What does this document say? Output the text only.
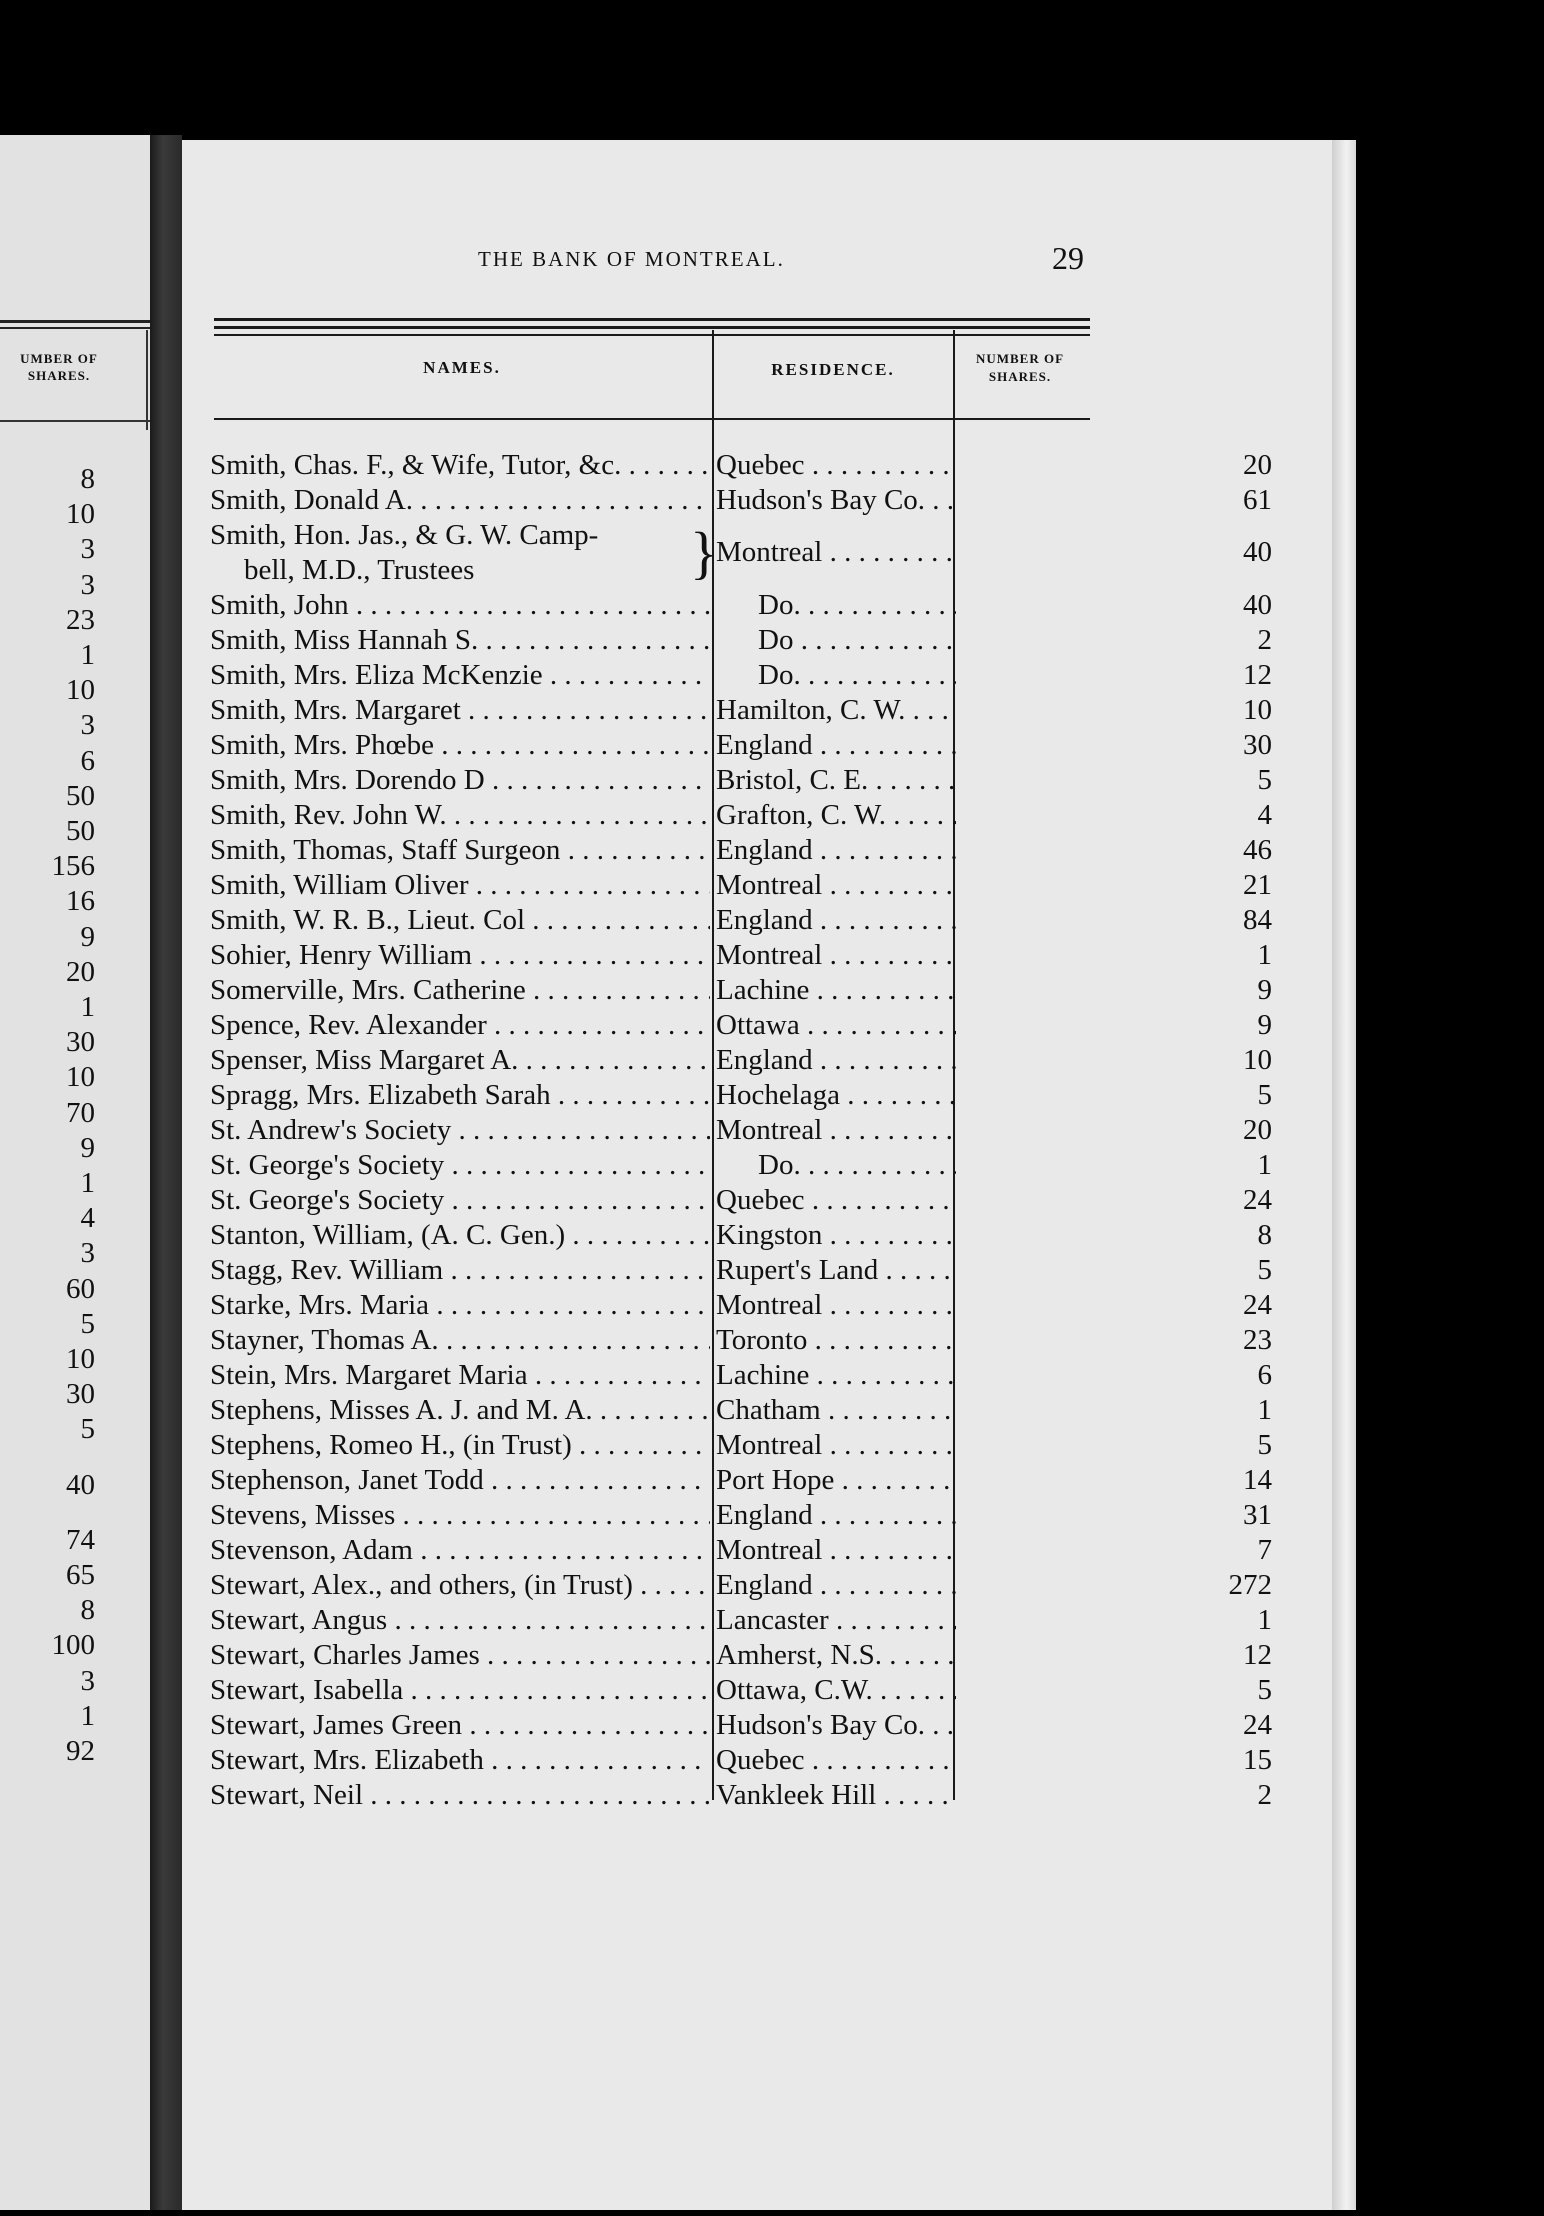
UMBER OF
SHARES.
8
10
3
3
23
1
10
3
6
50
50
156
16
9
20
1
30
10
70
9
1
4
3
60
5
10
30
5
40
74
65
8
100
3
1
92
THE BANK OF MONTREAL.	29
NAMES.	RESIDENCE.
NUMBER OF
SHARES.
Smith, Chas. F., & Wife, Tutor, &c. . . .	Quebec . . .	20
Smith, Donald A. . . .	Hudson's Bay Co. . . .	61
}
Smith, Hon. Jas., & G. W. Camp-
bell, M.D., Trustees
Montreal . . .	40
Smith, John . . .	Do. . . .	40
Smith, Miss Hannah S. . . .	Do . . .	2
Smith, Mrs. Eliza McKenzie . . .	Do. . . .	12
Smith, Mrs. Margaret . . .	Hamilton, C. W. . . .	10
Smith, Mrs. Phœbe . . .	England . . .	30
Smith, Mrs. Dorendo D . . .	Bristol, C. E. . . .	5
Smith, Rev. John W. . . .	Grafton, C. W. . . .	4
Smith, Thomas, Staff Surgeon . . .	England . . .	46
Smith, William Oliver . . .	Montreal . . .	21
Smith, W. R. B., Lieut. Col . . .	England . . .	84
Sohier, Henry William . . .	Montreal . . .	1
Somerville, Mrs. Catherine . . .	Lachine . . .	9
Spence, Rev. Alexander . . .	Ottawa . . .	9
Spenser, Miss Margaret A. . . .	England . . .	10
Spragg, Mrs. Elizabeth Sarah . . .	Hochelaga . . .	5
St. Andrew's Society . . .	Montreal . . .	20
St. George's Society . . .	Do. . . .	1
St. George's Society . . .	Quebec . . .	24
Stanton, William, (A. C. Gen.) . . .	Kingston . . .	8
Stagg, Rev. William . . .	Rupert's Land . . .	5
Starke, Mrs. Maria . . .	Montreal . . .	24
Stayner, Thomas A. . . .	Toronto . . .	23
Stein, Mrs. Margaret Maria . . .	Lachine . . .	6
Stephens, Misses A. J. and M. A. . . .	Chatham . . .	1
Stephens, Romeo H., (in Trust) . . .	Montreal . . .	5
Stephenson, Janet Todd . . .	Port Hope . . .	14
Stevens, Misses . . .	England . . .	31
Stevenson, Adam . . .	Montreal . . .	7
Stewart, Alex., and others, (in Trust) . . .	England . . .	272
Stewart, Angus . . .	Lancaster . . .	1
Stewart, Charles James . . .	Amherst, N.S. . . .	12
Stewart, Isabella . . .	Ottawa, C.W. . . .	5
Stewart, James Green . . .	Hudson's Bay Co. . . .	24
Stewart, Mrs. Elizabeth . . .	Quebec . . .	15
Stewart, Neil . . .	Vankleek Hill . . .	2
